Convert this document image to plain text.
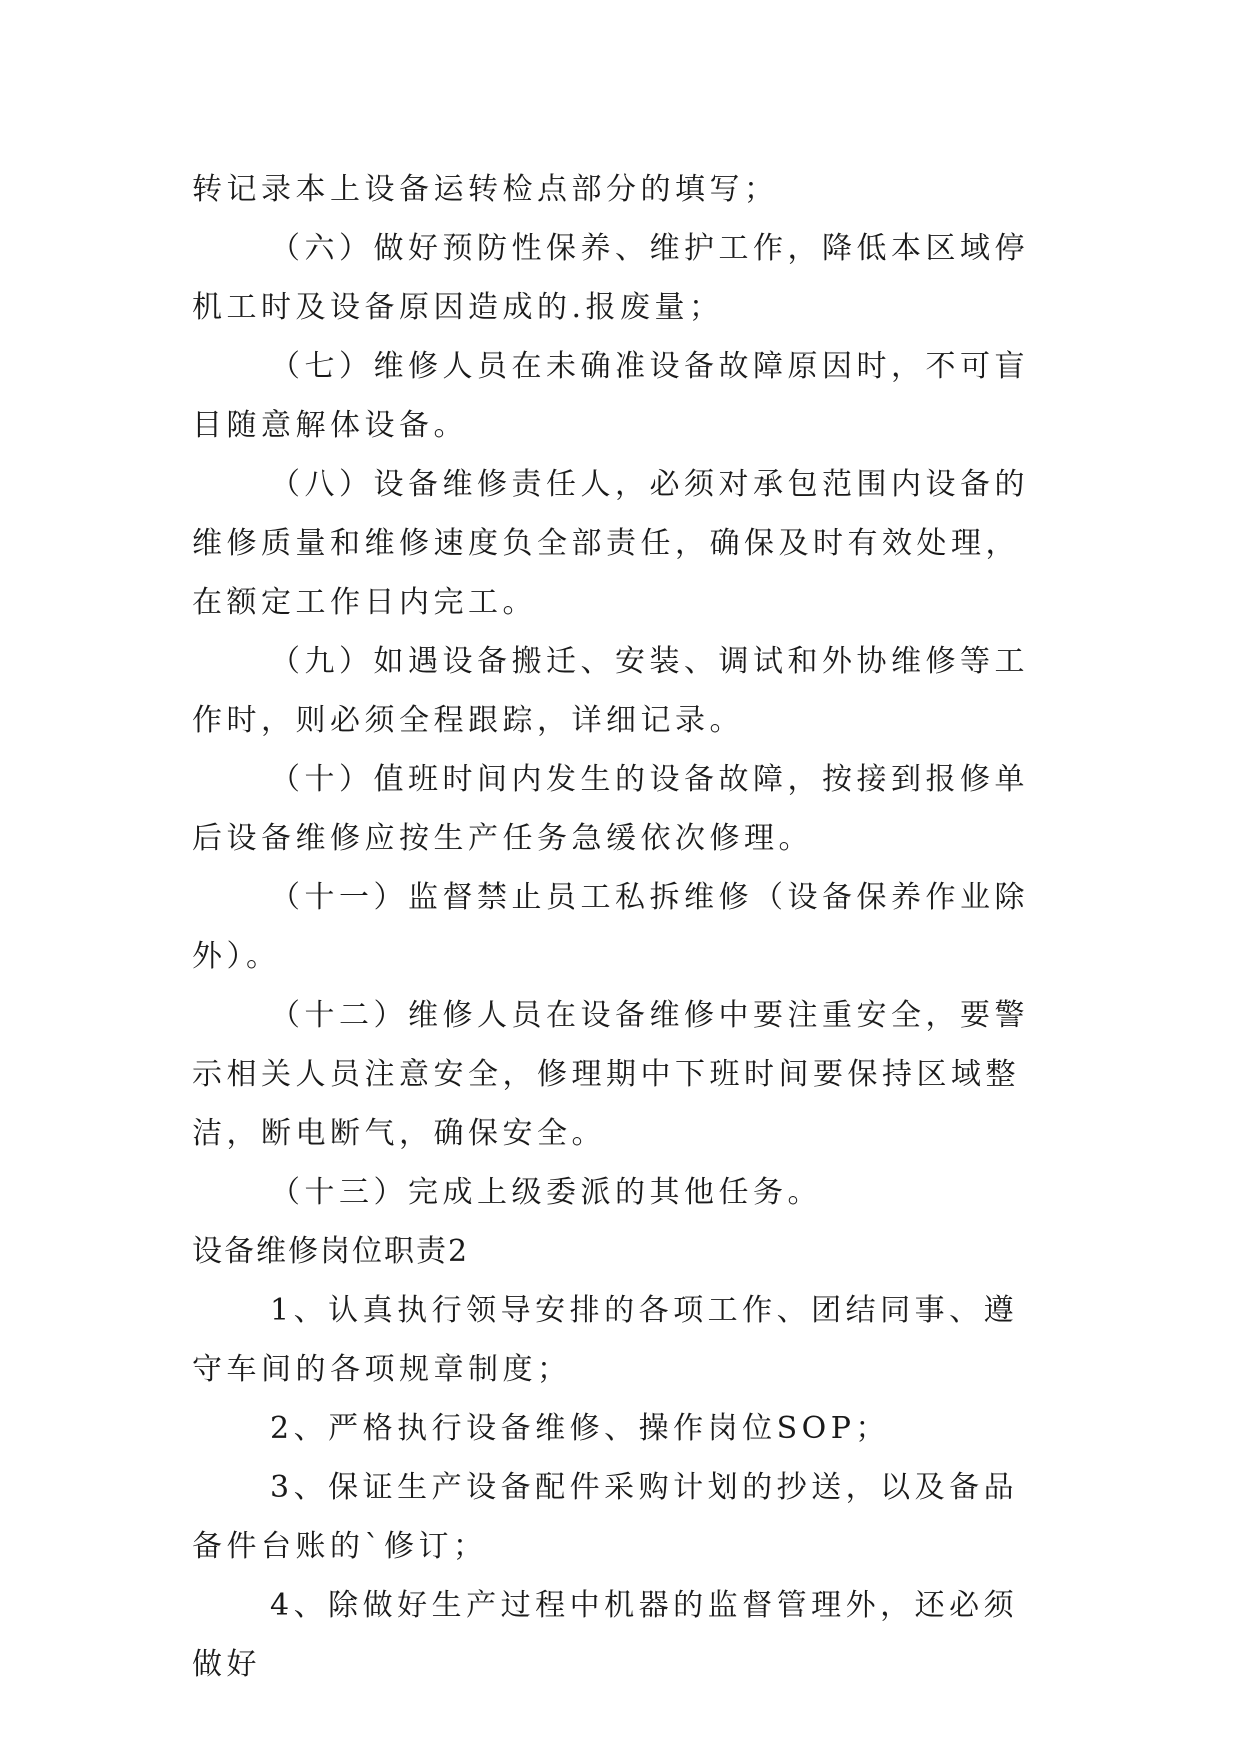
转记录本上设备运转检点部分的填写；

（六）做好预防性保养、维护工作，降低本区域停机工时及设备原因造成的.报废量；

（七）维修人员在未确准设备故障原因时，不可盲目随意解体设备。

（八）设备维修责任人，必须对承包范围内设备的维修质量和维修速度负全部责任，确保及时有效处理，在额定工作日内完工。

（九）如遇设备搬迁、安装、调试和外协维修等工作时，则必须全程跟踪，详细记录。

（十）值班时间内发生的设备故障，按接到报修单后设备维修应按生产任务急缓依次修理。

（十一）监督禁止员工私拆维修（设备保养作业除外）。

（十二）维修人员在设备维修中要注重安全，要警示相关人员注意安全，修理期中下班时间要保持区域整洁，断电断气，确保安全。

（十三）完成上级委派的其他任务。

设备维修岗位职责2

1、认真执行领导安排的各项工作、团结同事、遵守车间的各项规章制度；

2、严格执行设备维修、操作岗位SOP；

3、保证生产设备配件采购计划的抄送，以及备品备件台账的`修订；

4、除做好生产过程中机器的监督管理外，还必须做好
